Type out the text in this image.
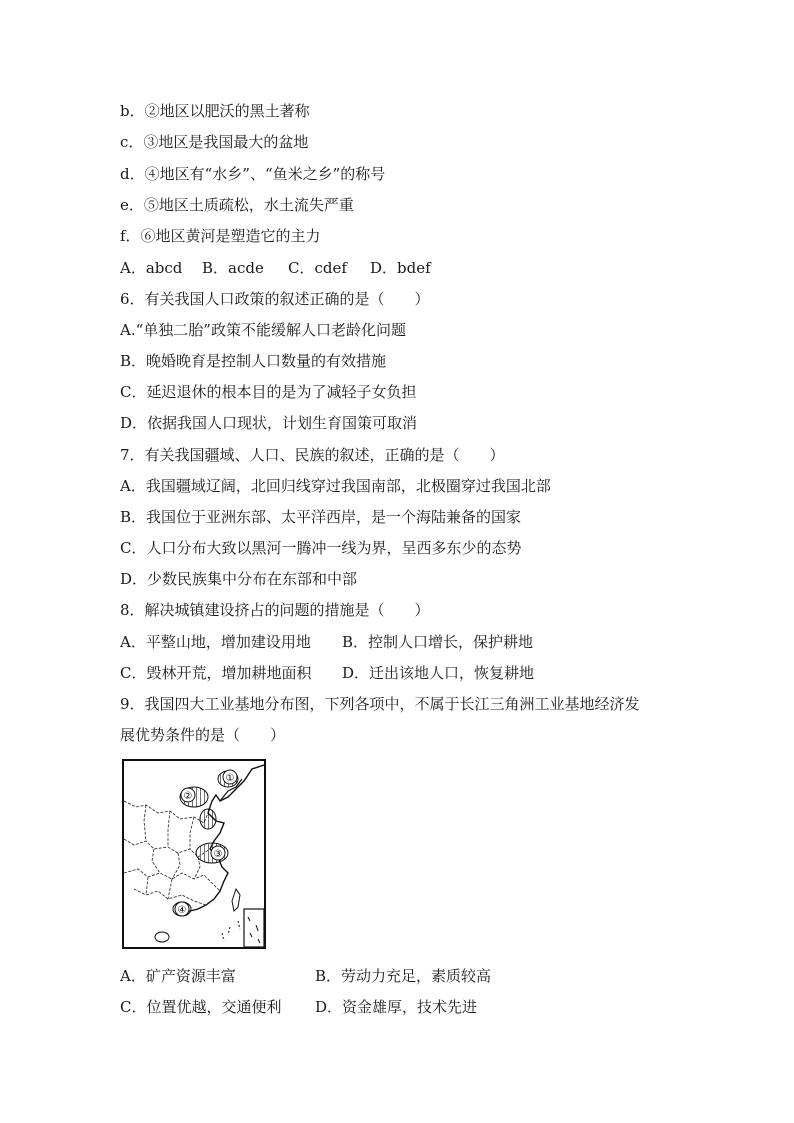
b．②地区以肥沃的黑土著称
c．③地区是我国最大的盆地
d．④地区有“水乡”、“鱼米之乡”的称号
e．⑤地区土质疏松，水土流失严重
f．⑥地区黄河是塑造它的主力
A．abcd B．acde C．cdef D．bdef
6．有关我国人口政策的叙述正确的是（　　）
A.“单独二胎”政策不能缓解人口老龄化问题
B．晚婚晚育是控制人口数量的有效措施
C．延迟退休的根本目的是为了减轻子女负担
D．依据我国人口现状，计划生育国策可取消
7．有关我国疆域、人口、民族的叙述，正确的是（　　）
A．我国疆域辽阔，北回归线穿过我国南部，北极圈穿过我国北部
B．我国位于亚洲东部、太平洋西岸，是一个海陆兼备的国家
C．人口分布大致以黑河一腾冲一线为界，呈西多东少的态势
D．少数民族集中分布在东部和中部
8．解决城镇建设挤占的问题的措施是（　　）
A．平整山地，增加建设用地 B．控制人口增长，保护耕地
C．毁林开荒，增加耕地面积 D．迁出该地人口，恢复耕地
9．我国四大工业基地分布图，下列各项中，不属于长江三角洲工业基地经济发
展优势条件的是（　　）
①
②
③
④
A．矿产资源丰富	B．劳动力充足，素质较高
C．位置优越，交通便利 D．资金雄厚，技术先进
